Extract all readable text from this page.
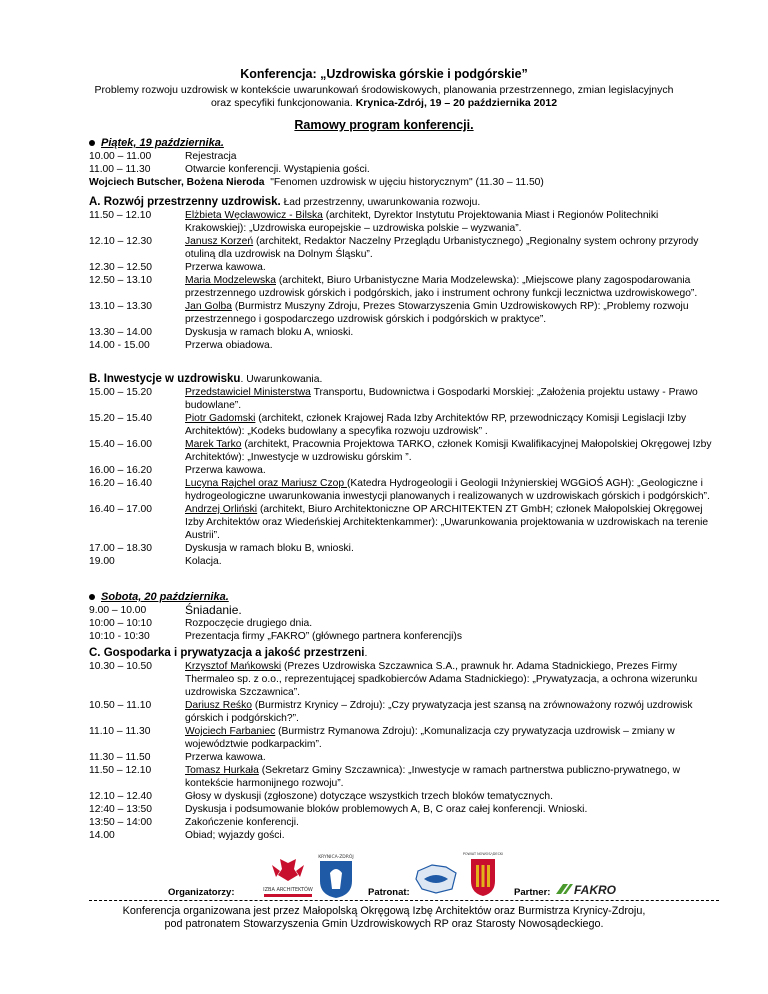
Konferencja: „Uzdrowiska górskie i podgórskie”
Problemy rozwoju uzdrowisk w kontekście uwarunkowań środowiskowych, planowania przestrzennego, zmian legislacyjnych
oraz specyfiki funkcjonowania. Krynica-Zdrój, 19 – 20 października 2012
Ramowy program konferencji.
Piątek, 19 października.
10.00 – 11.00	Rejestracja
11.00 – 11.30	Otwarcie konferencji. Wystąpienia gości.
Wojciech Butscher, Bożena Nieroda "Fenomen uzdrowisk w ujęciu historycznym" (11.30 – 11.50)
A. Rozwój przestrzenny uzdrowisk. Ład przestrzenny, uwarunkowania rozwoju.
11.50 – 12.10	Elżbieta Węcławowicz - Bilska (architekt, Dyrektor Instytutu Projektowania Miast i Regionów Politechniki Krakowskiej): „Uzdrowiska europejskie – uzdrowiska polskie – wyzwania”.
12.10 – 12.30	Janusz Korzeń (architekt, Redaktor Naczelny Przeglądu Urbanistycznego) „Regionalny system ochrony przyrody otuliną dla uzdrowisk na Dolnym Śląsku”.
12.30 – 12.50	Przerwa kawowa.
12.50 – 13.10	Maria Modzelewska (architekt, Biuro Urbanistyczne Maria Modzelewska): „Miejscowe plany zagospodarowania przestrzennego uzdrowisk górskich i podgórskich, jako i instrument ochrony funkcji lecznictwa uzdrowiskowego”.
13.10 – 13.30	Jan Golba (Burmistrz Muszyny Zdroju, Prezes Stowarzyszenia Gmin Uzdrowiskowych RP): „Problemy rozwoju przestrzennego i gospodarczego uzdrowisk górskich i podgórskich w praktyce”.
13.30 – 14.00	Dyskusja w ramach bloku A, wnioski.
14.00 - 15.00	Przerwa obiadowa.
B. Inwestycje w uzdrowisku. Uwarunkowania.
15.00 – 15.20	Przedstawiciel Ministerstwa Transportu, Budownictwa i Gospodarki Morskiej: „Założenia projektu ustawy - Prawo budowlane”.
15.20 – 15.40	Piotr Gadomski (architekt, członek Krajowej Rada Izby Architektów RP, przewodniczący Komisji Legislacji Izby Architektów): „Kodeks budowlany a specyfika rozwoju uzdrowisk” .
15.40 – 16.00	Marek Tarko (architekt, Pracownia Projektowa TARKO, członek Komisji Kwalifikacyjnej Małopolskiej Okręgowej Izby Architektów): „Inwestycje w uzdrowisku górskim ”.
16.00 – 16.20	Przerwa kawowa.
16.20 – 16.40	Lucyna Rajchel oraz Mariusz Czop (Katedra Hydrogeologii i Geologii Inżynierskiej WGGiOŚ AGH): „Geologiczne i hydrogeologiczne uwarunkowania inwestycji planowanych i realizowanych w uzdrowiskach górskich i podgórskich”.
16.40 – 17.00	Andrzej Orliński (architekt, Biuro Architektoniczne OP ARCHITEKTEN ZT GmbH; członek Małopolskiej Okręgowej Izby Architektów oraz Wiedeńskiej Architektenkammer): „Uwarunkowania projektowania w uzdrowiskach na terenie Austrii”.
17.00 – 18.30	Dyskusja w ramach bloku B, wnioski.
19.00	Kolacja.
Sobota, 20 października.
9.00 – 10.00	Śniadanie.
10:00 – 10:10	Rozpoczęcie drugiego dnia.
10:10 - 10:30	Prezentacja firmy „FAKRO” (głównego partnera konferencji)s
C. Gospodarka i prywatyzacja a jakość przestrzeni.
10.30 – 10.50	Krzysztof Mańkowski (Prezes Uzdrowiska Szczawnica S.A., prawnuk hr. Adama Stadnickiego, Prezes Firmy Thermaleo sp. z o.o., reprezentującej spadkobierców Adama Stadnickiego): „Prywatyzacja, a ochrona wizerunku uzdrowiska Szczawnica”.
10.50 – 11.10	Dariusz Reśko (Burmistrz Krynicy – Zdroju): „Czy prywatyzacja jest szansą na zrównoważony rozwój uzdrowisk górskich i podgórskich?”.
11.10 – 11.30	Wojciech Farbaniec (Burmistrz Rymanowa Zdroju): „Komunalizacja czy prywatyzacja uzdrowisk – zmiany w województwie podkarpackim”.
11.30 – 11.50	Przerwa kawowa.
11.50 – 12.10	Tomasz Hurkała (Sekretarz Gminy Szczawnica): „Inwestycje w ramach partnerstwa publiczno-prywatnego, w kontekście harmonijnego rozwoju”.
12.10 – 12.40	Głosy w dyskusji (zgłoszone) dotyczące wszystkich trzech bloków tematycznych.
12:40 – 13:50	Dyskusja i podsumowanie bloków problemowych A, B, C oraz całej konferencji. Wnioski.
13:50 – 14:00	Zakończenie konferencji.
14.00	Obiad; wyjazdy gości.
Organizatorzy:	IZBA ARCHITEKTÓW
KRYNICA-ZDRÓJ
Patronat:
POWIAT NOWOSĄDECKI
Partner: FAKRO
Konferencja organizowana jest przez Małopolską Okręgową Izbę Architektów oraz Burmistrza Krynicy-Zdroju,
pod patronatem Stowarzyszenia Gmin Uzdrowiskowych RP oraz Starosty Nowosądeckiego.
